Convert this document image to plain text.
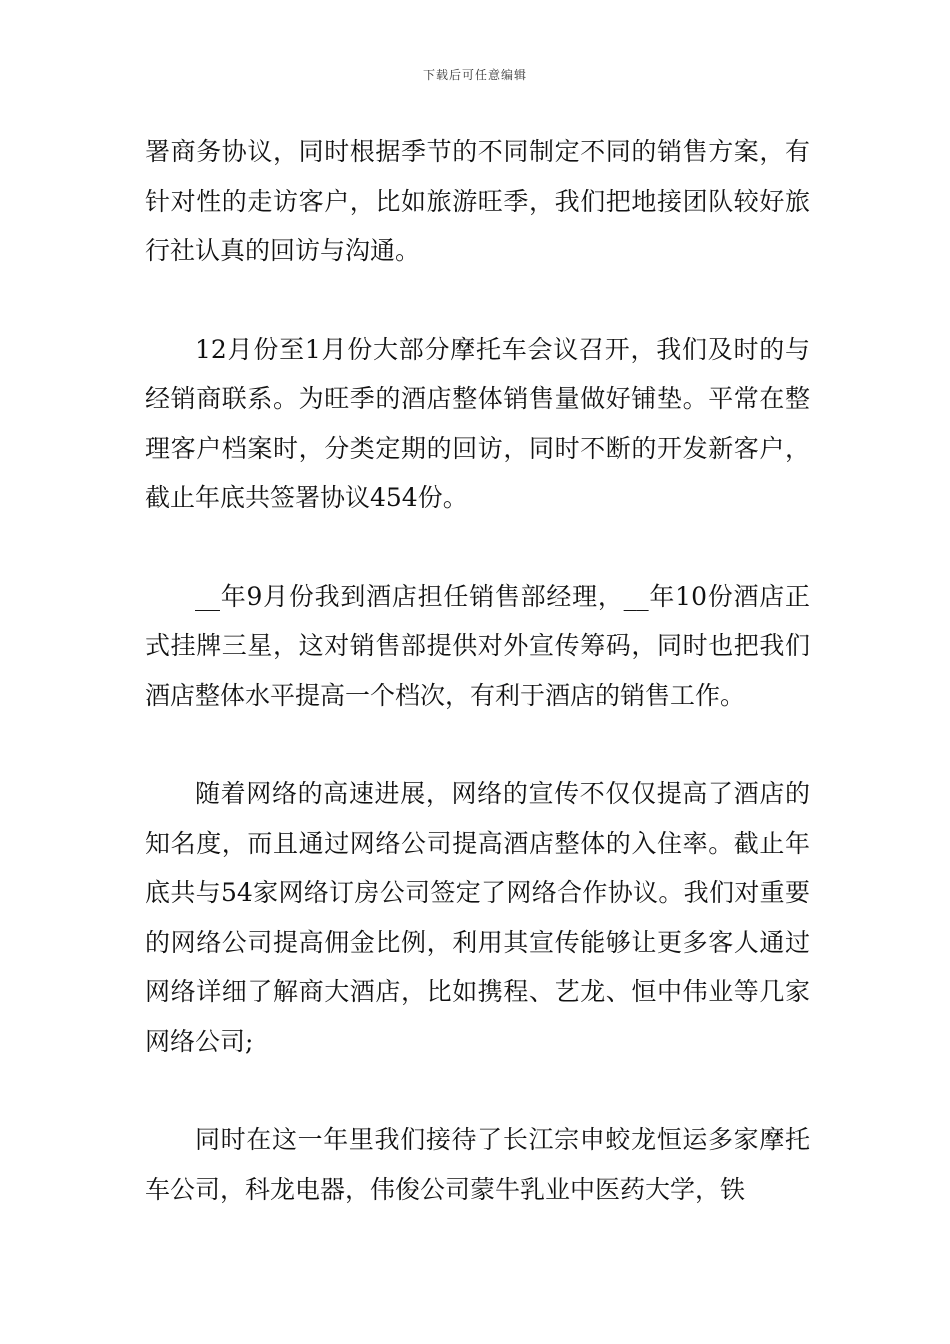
下载后可任意编辑

署商务协议，同时根据季节的不同制定不同的销售方案，有针对性的走访客户，比如旅游旺季，我们把地接团队较好旅行社认真的回访与沟通。

12月份至1月份大部分摩托车会议召开，我们及时的与经销商联系。为旺季的酒店整体销售量做好铺垫。平常在整理客户档案时，分类定期的回访，同时不断的开发新客户，截止年底共签署协议454份。

__年9月份我到酒店担任销售部经理，__年10份酒店正式挂牌三星，这对销售部提供对外宣传筹码，同时也把我们酒店整体水平提高一个档次，有利于酒店的销售工作。

随着网络的高速进展，网络的宣传不仅仅提高了酒店的知名度，而且通过网络公司提高酒店整体的入住率。截止年底共与54家网络订房公司签定了网络合作协议。我们对重要的网络公司提高佣金比例，利用其宣传能够让更多客人通过网络详细了解商大酒店，比如携程、艺龙、恒中伟业等几家网络公司;

同时在这一年里我们接待了长江宗申蛟龙恒运多家摩托车公司，科龙电器，伟俊公司蒙牛乳业中医药大学，铁
